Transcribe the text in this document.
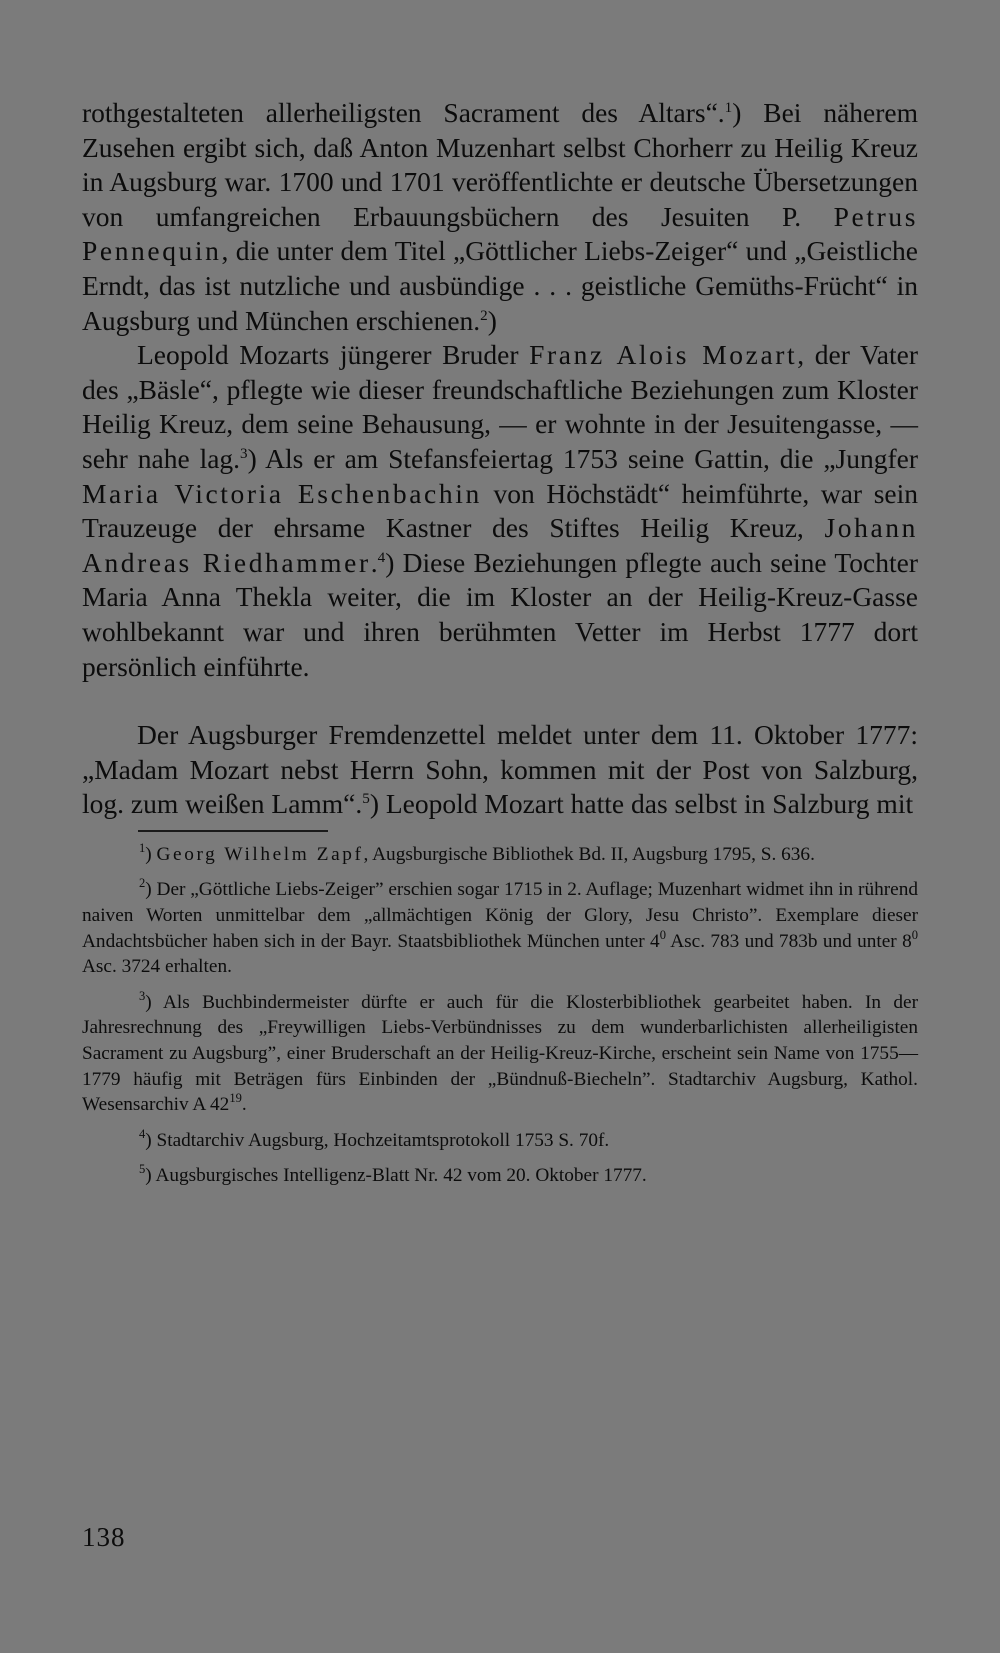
rothgestalteten allerheiligsten Sacrament des Altars“.$^1$) Bei näherem Zusehen ergibt sich, daß Anton Muzenhart selbst Chorherr zu Heilig Kreuz in Augsburg war. 1700 und 1701 veröffentlichte er deutsche Übersetzungen von umfangreichen Erbauungsbüchern des Jesuiten P. Petrus Pennequin, die unter dem Titel „Göttlicher Liebs-Zeiger“ und „Geistliche Erndt, das ist nutzliche und ausbündige . . . geistliche Gemüths-Frücht“ in Augsburg und München erschienen.$^2$)

Leopold Mozarts jüngerer Bruder Franz Alois Mozart, der Vater des „Bäsle“, pflegte wie dieser freundschaftliche Beziehungen zum Kloster Heilig Kreuz, dem seine Behausung, — er wohnte in der Jesuitengasse, — sehr nahe lag.$^3$) Als er am Stefansfeiertag 1753 seine Gattin, die „Jungfer Maria Victoria Eschenbachin von Höchstädt“ heimführte, war sein Trauzeuge der ehrsame Kastner des Stiftes Heilig Kreuz, Johann Andreas Riedhammer.$^4$) Diese Beziehungen pflegte auch seine Tochter Maria Anna Thekla weiter, die im Kloster an der Heilig-Kreuz-Gasse wohlbekannt war und ihren berühmten Vetter im Herbst 1777 dort persönlich einführte.

Der Augsburger Fremdenzettel meldet unter dem 11. Oktober 1777: „Madam Mozart nebst Herrn Sohn, kommen mit der Post von Salzburg, log. zum weißen Lamm“.$^5$) Leopold Mozart hatte das selbst in Salzburg mit

$^1$) Georg Wilhelm Zapf, Augsburgische Bibliothek Bd. II, Augsburg 1795, S. 636.

$^2$) Der „Göttliche Liebs-Zeiger” erschien sogar 1715 in 2. Auflage; Muzenhart widmet ihn in rührend naiven Worten unmittelbar dem „allmächtigen König der Glory, Jesu Christo”. Exemplare dieser Andachtsbücher haben sich in der Bayr. Staatsbibliothek München unter $4^0$ Asc. 783 und 783b und unter $8^0$ Asc. 3724 erhalten.

$^3$) Als Buchbindermeister dürfte er auch für die Klosterbibliothek gearbeitet haben. In der Jahresrechnung des „Freywilligen Liebs-Verbündnisses zu dem wunderbarlichisten allerheiligisten Sacrament zu Augsburg”, einer Bruderschaft an der Heilig-Kreuz-Kirche, erscheint sein Name von 1755—1779 häufig mit Beträgen fürs Einbinden der „Bündnuß-Biecheln”. Stadtarchiv Augsburg, Kathol. Wesensarchiv A $42^{19}$.

$^4$) Stadtarchiv Augsburg, Hochzeitamtsprotokoll 1753 S. 70f.

$^5$) Augsburgisches Intelligenz-Blatt Nr. 42 vom 20. Oktober 1777.

138
